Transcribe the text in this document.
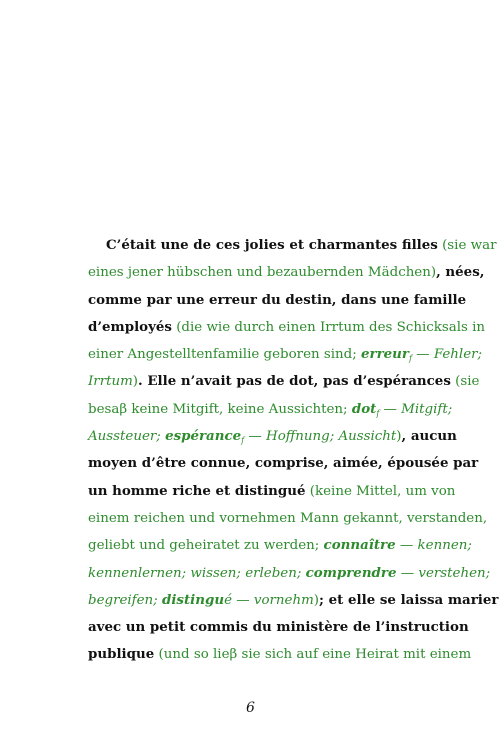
C’était une de ces jolies et charmantes filles (sie war
eines jener hübschen und bezaubernden Mädchen), nées,
comme par une erreur du destin, dans une famille
d’employés (die wie durch einen Irrtum des Schicksals in
einer Angestelltenfamilie geboren sind; erreur$_f$ — Fehler;
Irrtum). Elle n’avait pas de dot, pas d’espérances (sie
besaβ keine Mitgift, keine Aussichten; dot$_f$ — Mitgift;
Aussteuer; espérance$_f$ — Hoffnung; Aussicht), aucun
moyen d’être connue, comprise, aimée, épousée par
un homme riche et distingué (keine Mittel, um von
einem reichen und vornehmen Mann gekannt, verstanden,
geliebt und geheiratet zu werden; connaître — kennen;
kennenlernen; wissen; erleben; comprendre — verstehen;
begreifen; distingué — vornehm); et elle se laissa marier
avec un petit commis du ministère de l’instruction
publique (und so lieβ sie sich auf eine Heirat mit einem
6
